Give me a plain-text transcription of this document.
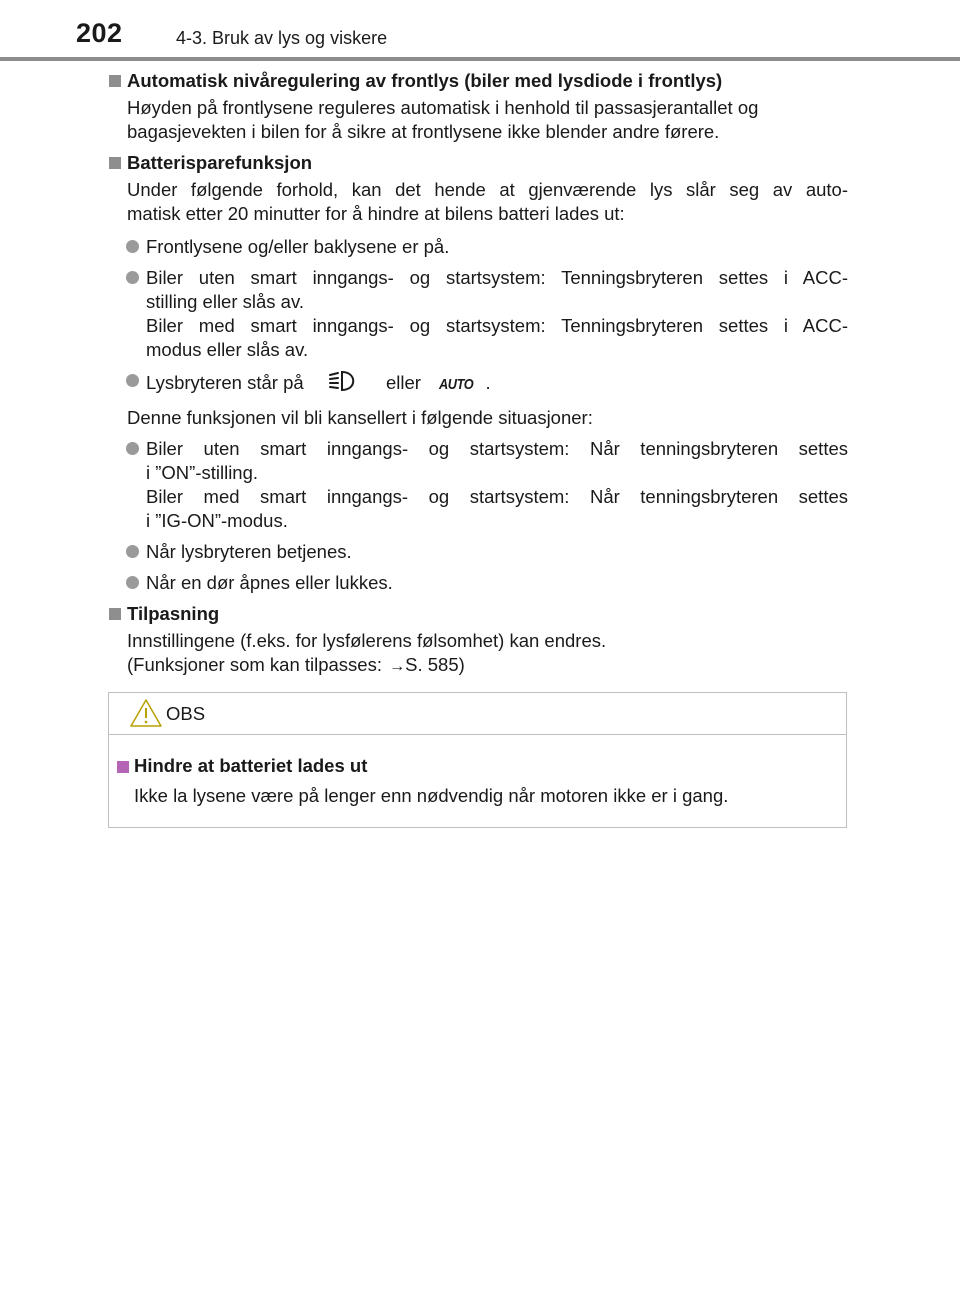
202	4-3. Bruk av lys og viskere

Automatisk nivåregulering av frontlys (biler med lysdiode i frontlys)

Høyden på frontlysene reguleres automatisk i henhold til passasjerantallet og
bagasjevekten i bilen for å sikre at frontlysene ikke blender andre førere.

Batterisparefunksjon

Under følgende forhold, kan det hende at gjenværende lys slår seg av auto-
matisk etter 20 minutter for å hindre at bilens batteri lades ut:
Frontlysene og/eller baklysene er på.
Biler uten smart inngangs- og startsystem: Tenningsbryteren settes i ACC-
stilling eller slås av.
Biler med smart inngangs- og startsystem: Tenningsbryteren settes i ACC-
modus eller slås av.
Lysbryteren står på	eller AUTO .
Denne funksjonen vil bli kansellert i følgende situasjoner:
Biler uten smart inngangs- og startsystem: Når tenningsbryteren settes
i ”ON”-stilling.
Biler med smart inngangs- og startsystem: Når tenningsbryteren settes
i ”IG-ON”-modus.
Når lysbryteren betjenes.
Når en dør åpnes eller lukkes.

Tilpasning

Innstillingene (f.eks. for lysfølerens følsomhet) kan endres.
(Funksjoner som kan tilpasses: →S. 585)
OBS
Hindre at batteriet lades ut
Ikke la lysene være på lenger enn nødvendig når motoren ikke er i gang.
